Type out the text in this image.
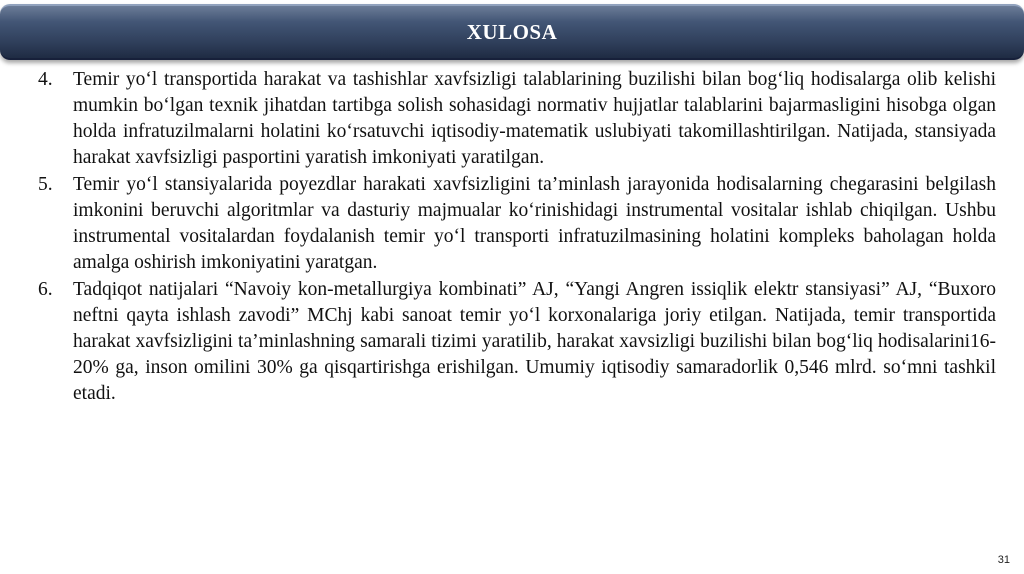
XULOSA
4.	Temir yo‘l transportida harakat va tashishlar xavfsizligi talablarining buzilishi bilan bog‘liq hodisalarga olib kelishi mumkin bo‘lgan texnik jihatdan tartibga solish sohasidagi normativ hujjatlar talablarini bajarmasligini hisobga olgan holda infratuzilmalarni holatini ko‘rsatuvchi iqtisodiy-matematik uslubiyati takomillashtirilgan. Natijada, stansiyada harakat xavfsizligi pasportini yaratish imkoniyati yaratilgan.
5.	Temir yo‘l stansiyalarida poyezdlar harakati xavfsizligini ta’minlash jarayonida hodisalarning chegarasini belgilash imkonini beruvchi algoritmlar va dasturiy majmualar ko‘rinishidagi instrumental vositalar ishlab chiqilgan. Ushbu instrumental vositalardan foydalanish temir yo‘l transporti infratuzilmasining holatini kompleks baholagan holda amalga oshirish imkoniyatini yaratgan.
6.	Tadqiqot natijalari “Navoiy kon-metallurgiya kombinati” AJ, “Yangi Angren issiqlik elektr stansiyasi” AJ, “Buxoro neftni qayta ishlash zavodi” MChj kabi sanoat temir yo‘l korxonalariga joriy etilgan. Natijada, temir transportida harakat xavfsizligini ta’minlashning samarali tizimi yaratilib, harakat xavsizligi buzilishi bilan bog‘liq hodisalarini16-20% ga, inson omilini 30% ga qisqartirishga erishilgan. Umumiy iqtisodiy samaradorlik 0,546 mlrd. so‘mni tashkil etadi.
31
